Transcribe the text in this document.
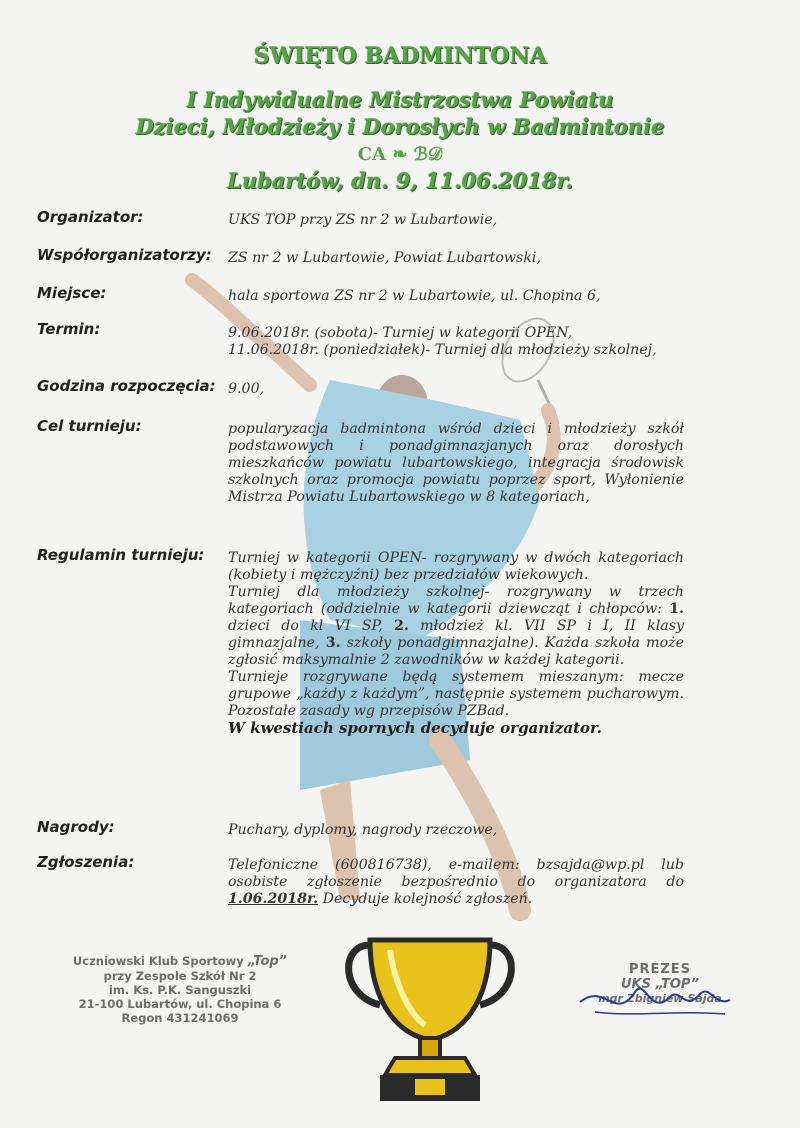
ŚWIĘTO BADMINTONA
I Indywidualne Mistrzostwa Powiatu
Dzieci, Młodzieży i Dorosłych w Badmintonie
CA ❧ ℬ𝒟
Lubartów, dn. 9, 11.06.2018r.
Organizator:	UKS TOP przy ZS nr 2 w Lubartowie,
Współorganizatorzy: ZS nr 2 w Lubartowie, Powiat Lubartowski,
Miejsce:	hala sportowa ZS nr 2 w Lubartowie, ul. Chopina 6,
Termin:	9.06.2018r. (sobota)- Turniej w kategorii OPEN,
11.06.2018r. (poniedziałek)- Turniej dla młodzieży szkolnej,
Godzina rozpoczęcia: 9.00,
Cel turnieju:	popularyzacja badmintona wśród dzieci i młodzieży szkół podstawowych i ponadgimnazjanych oraz dorosłych mieszkańców powiatu lubartowskiego, integracja środowisk szkolnych oraz promocja powiatu poprzez sport, Wyłonienie Mistrza Powiatu Lubartowskiego w 8 kategoriach,
Regulamin turnieju: Turniej w kategorii OPEN- rozgrywany w dwóch kategoriach (kobiety i mężczyźni) bez przedziałów wiekowych.

Turniej dla młodzieży szkolnej- rozgrywany w trzech kategoriach (oddzielnie w kategorii dziewcząt i chłopców: 1. dzieci do kl VI SP, 2. młodzież kl. VII SP i I, II klasy gimnazjalne, 3. szkoły ponadgimnazjalne). Każda szkoła może zgłosić maksymalnie 2 zawodników w każdej kategorii.

Turnieje rozgrywane będą systemem mieszanym: mecze grupowe „każdy z każdym”, następnie systemem pucharowym. Pozostałe zasady wg przepisów PZBad.

W kwestiach spornych decyduje organizator.

Nagrody:	Puchary, dyplomy, nagrody rzeczowe,
Zgłoszenia:	Telefoniczne (600816738), e-mailem: bzsajda@wp.pl lub osobiste zgłoszenie bezpośrednio do organizatora do 1.06.2018r. Decyduje kolejność zgłoszeń.
Uczniowski Klub Sportowy „Top”
przy Zespole Szkół Nr 2
im. Ks. P.K. Sanguszki
21-100 Lubartów, ul. Chopina 6
Regon 431241069
PREZES
UKS „TOP”
mgr Zbigniew Sajda
